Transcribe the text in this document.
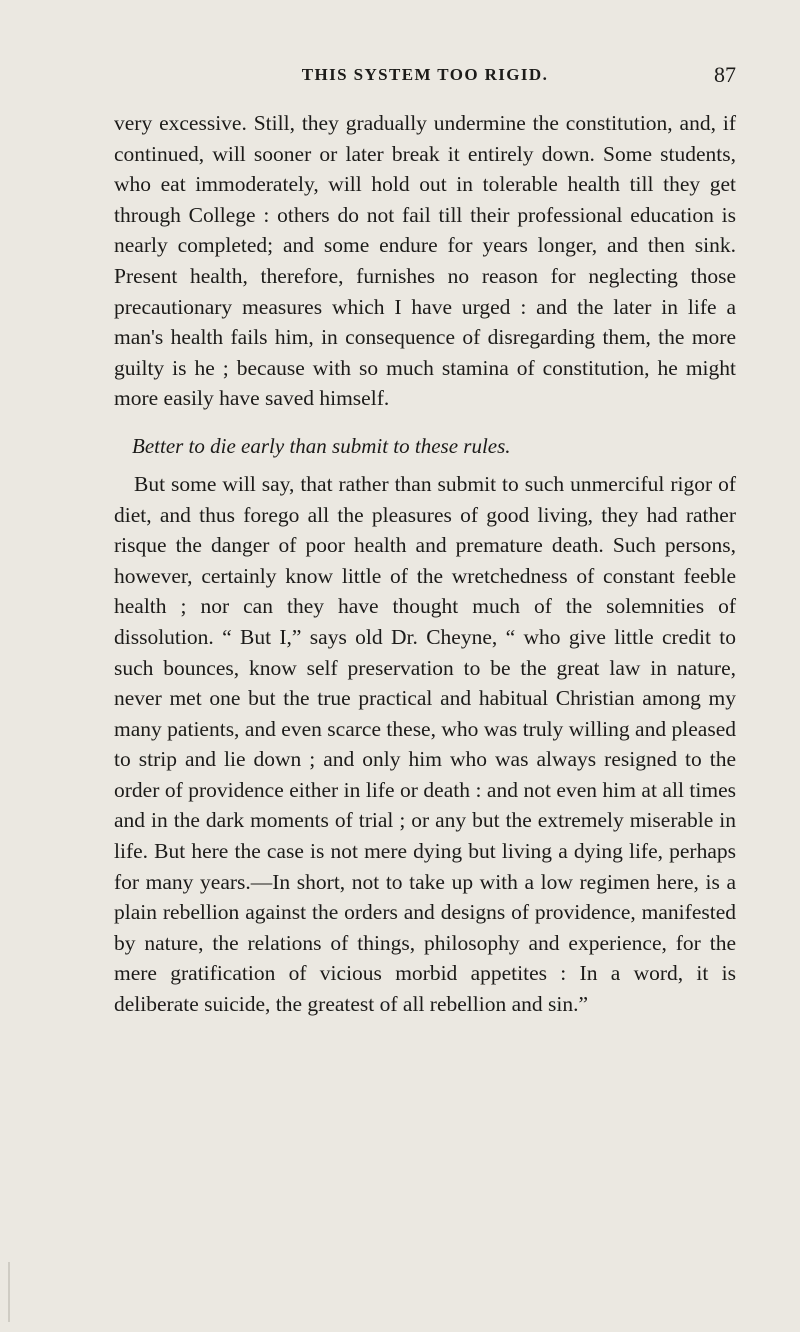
THIS SYSTEM TOO RIGID.	87

very excessive. Still, they gradually undermine the constitution, and, if continued, will sooner or later break it entirely down. Some students, who eat immoderately, will hold out in tolerable health till they get through College : others do not fail till their professional education is nearly completed; and some endure for years longer, and then sink. Present health, therefore, furnishes no reason for neglecting those precautionary measures which I have urged : and the later in life a man's health fails him, in consequence of disregarding them, the more guilty is he ; because with so much stamina of constitution, he might more easily have saved himself.

Better to die early than submit to these rules.

But some will say, that rather than submit to such unmerciful rigor of diet, and thus forego all the pleasures of good living, they had rather risque the danger of poor health and premature death. Such persons, however, certainly know little of the wretchedness of constant feeble health ; nor can they have thought much of the solemnities of dissolution. “ But I,” says old Dr. Cheyne, “ who give little credit to such bounces, know self preservation to be the great law in nature, never met one but the true practical and habitual Christian among my many patients, and even scarce these, who was truly willing and pleased to strip and lie down ; and only him who was always resigned to the order of providence either in life or death : and not even him at all times and in the dark moments of trial ; or any but the extremely miserable in life. But here the case is not mere dying but living a dying life, perhaps for many years.—In short, not to take up with a low regimen here, is a plain rebellion against the orders and designs of providence, manifested by nature, the relations of things, philosophy and experience, for the mere gratification of vicious morbid appetites : In a word, it is deliberate suicide, the greatest of all rebellion and sin.”
